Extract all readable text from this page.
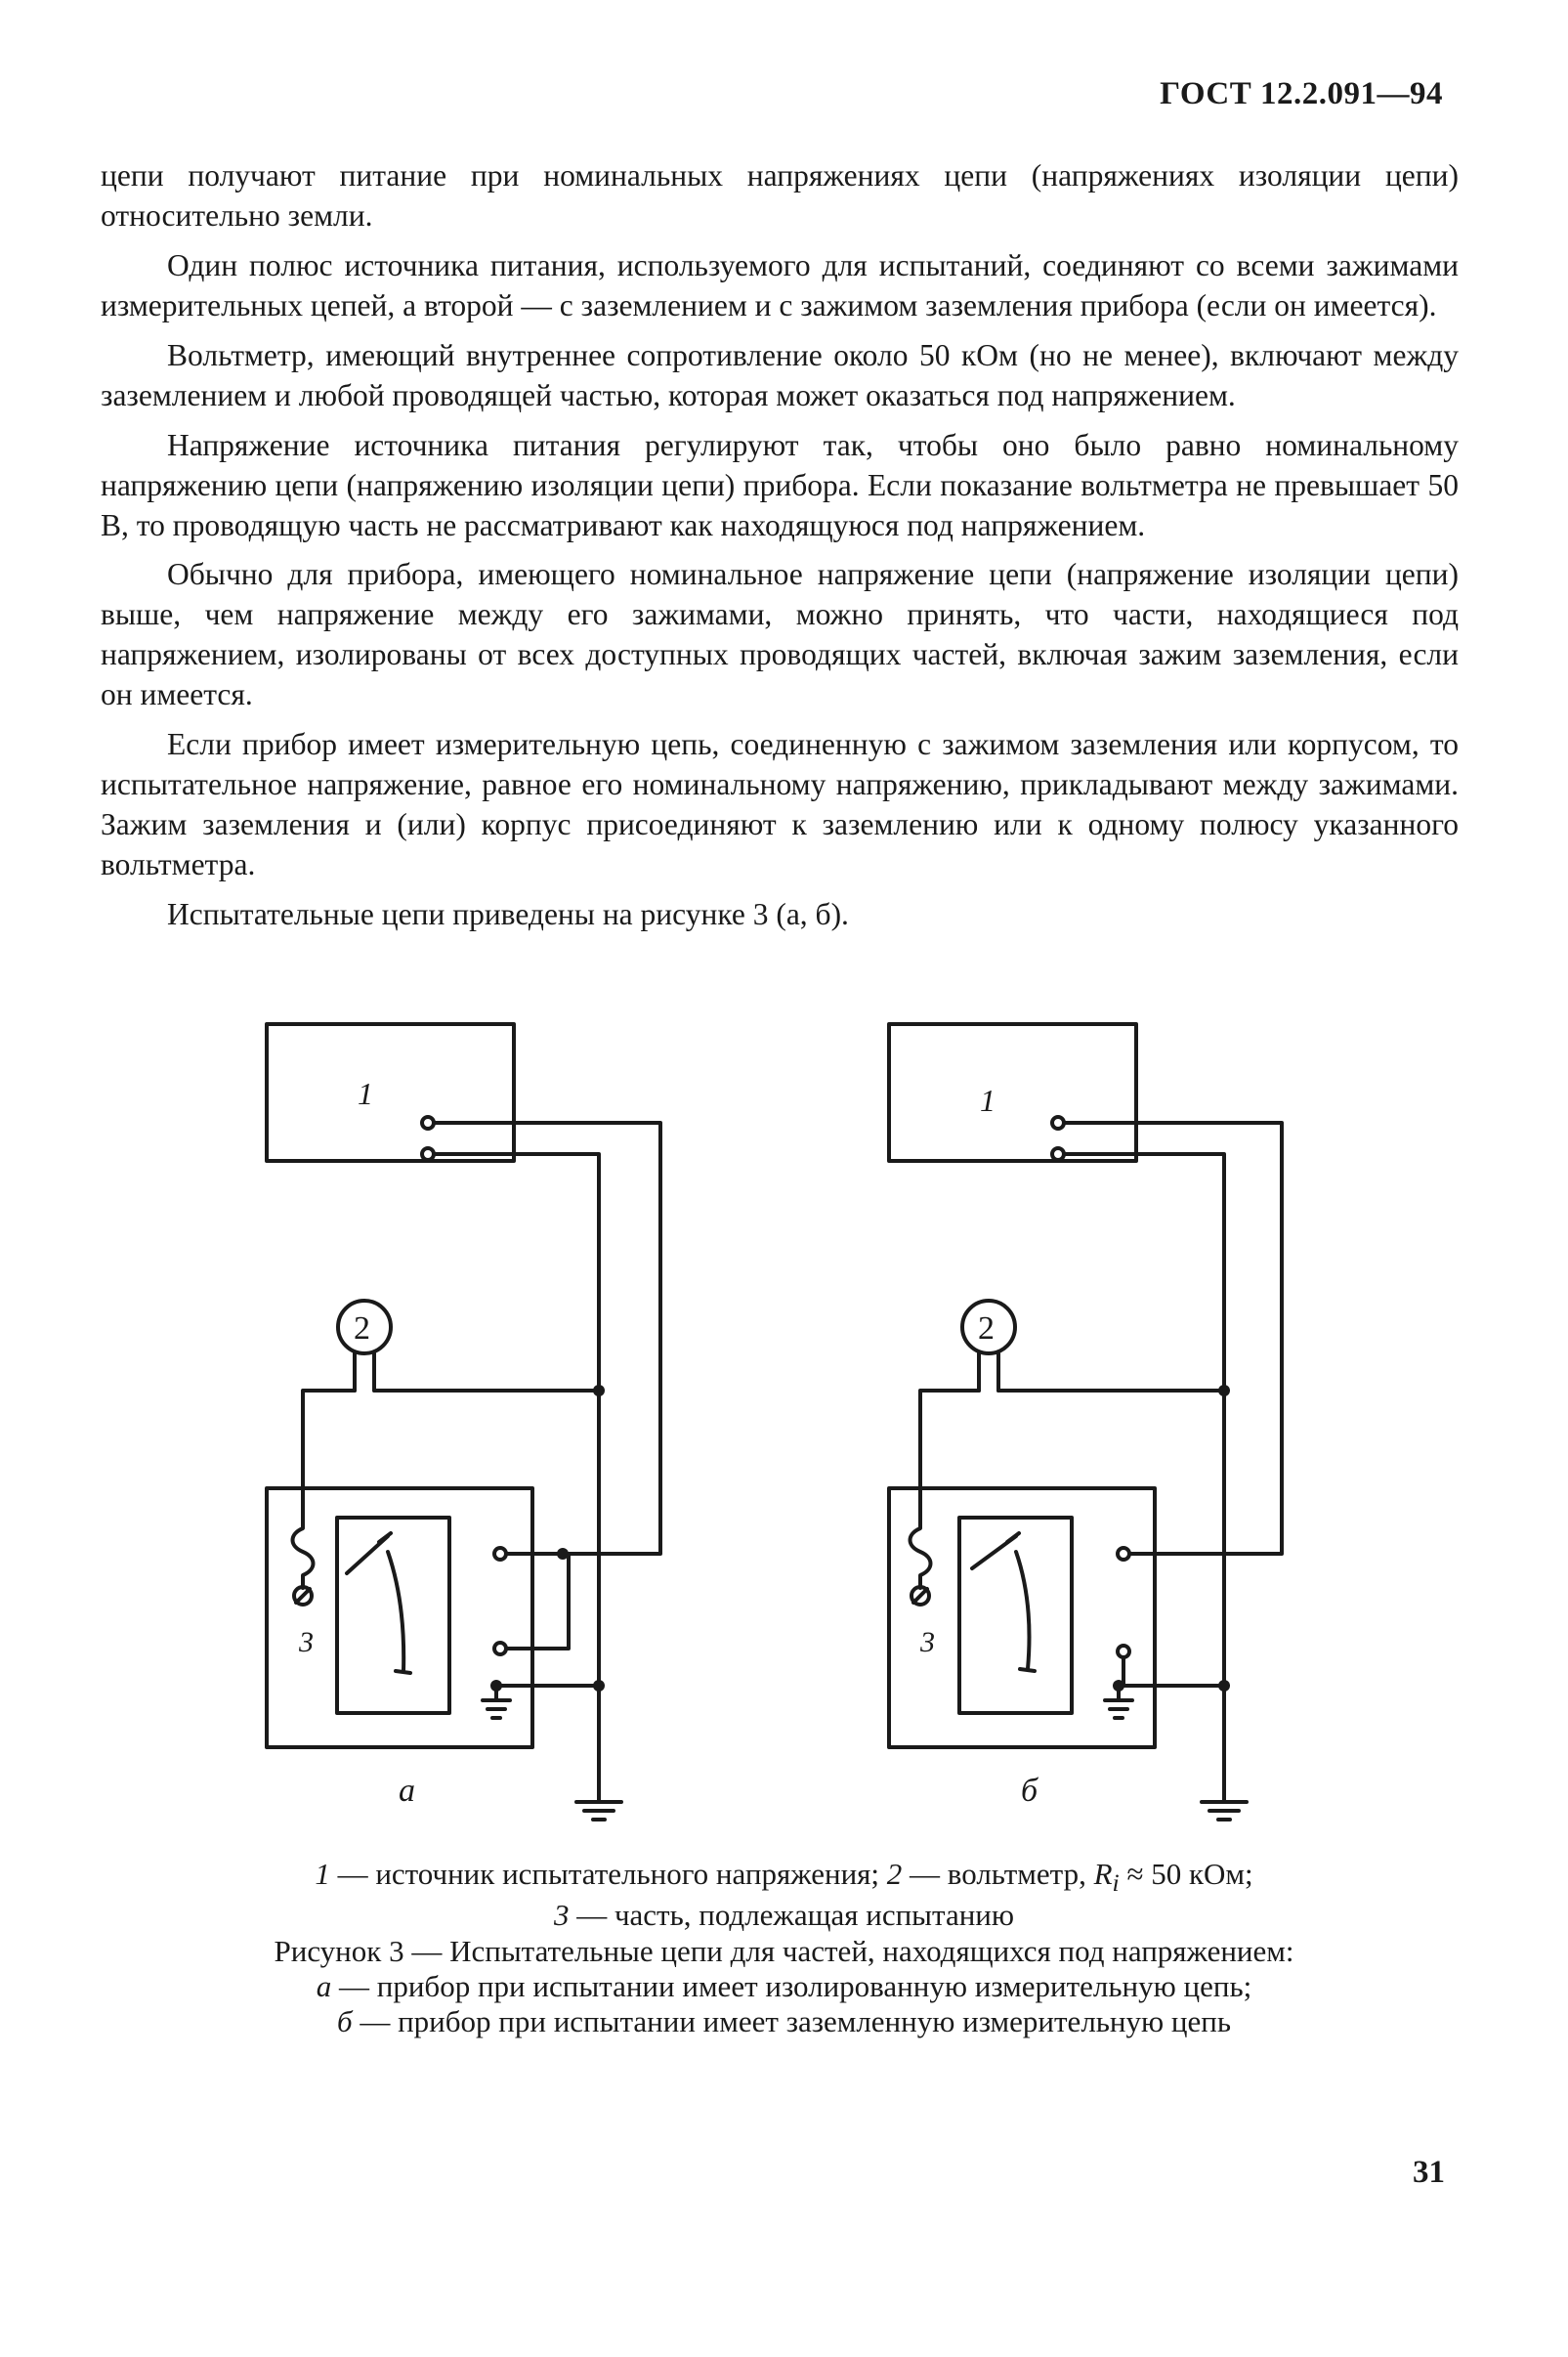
ГОСТ 12.2.091—94

цепи получают питание при номинальных напряжениях цепи (напряжениях изоляции цепи) относительно земли.

Один полюс источника питания, используемого для испытаний, соединяют со всеми зажимами измерительных цепей, а второй — с заземлением и с зажимом заземления прибора (если он имеется).

Вольтметр, имеющий внутреннее сопротивление около 50 кОм (но не менее), включают между заземлением и любой проводящей частью, которая может оказаться под напряжением.

Напряжение источника питания регулируют так, чтобы оно было равно номинальному напряжению цепи (напряжению изоляции цепи) прибора. Если показание вольтметра не превышает 50 В, то проводящую часть не рассматривают как находящуюся под напряжением.

Обычно для прибора, имеющего номинальное напряжение цепи (напряжение изоляции цепи) выше, чем напряжение между его зажимами, можно принять, что части, находящиеся под напряжением, изолированы от всех доступных проводящих частей, включая зажим заземления, если он имеется.

Если прибор имеет измерительную цепь, соединенную с зажимом заземления или корпусом, то испытательное напряжение, равное его номинальному напряжению, прикладывают между зажимами. Зажим заземления и (или) корпус присоединяют к заземлению или к одному полюсу указанного вольтметра.

Испытательные цепи приведены на рисунке 3 (а, б).

1
2
3
а
1
2
3
б
1 — источник испытательного напряжения; 2 — вольтметр, $R_i \approx 50$ кОм;
3 — часть, подлежащая испытанию
Рисунок 3 — Испытательные цепи для частей, находящихся под напряжением:
а — прибор при испытании имеет изолированную измерительную цепь;
б — прибор при испытании имеет заземленную измерительную цепь
31
